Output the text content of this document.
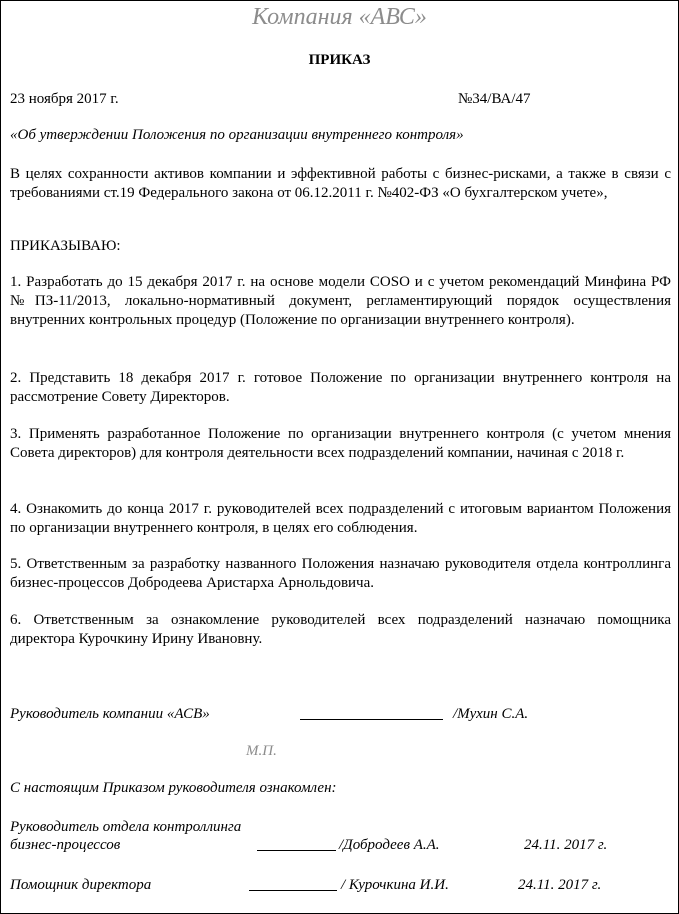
Компания «АВС»
ПРИКАЗ
23 ноября 2017 г.	№34/ВА/47
«Об утверждении Положения по организации внутреннего контроля»
В целях сохранности активов компании и эффективной работы с бизнес-рисками, а также в связи с требованиями ст.19 Федерального закона от 06.12.2011 г. №402-ФЗ «О бухгалтерском учете»,
ПРИКАЗЫВАЮ:
1. Разработать до 15 декабря 2017 г. на основе модели COSO и с учетом рекомендаций Минфина РФ №ПЗ-11/2013, локально-нормативный документ, регламентирующий порядок осуществления внутренних контрольных процедур (Положение по организации внутреннего контроля).
2. Представить 18 декабря 2017 г. готовое Положение по организации внутреннего контроля на рассмотрение Совету Директоров.
3. Применять разработанное Положение по организации внутреннего контроля (с учетом мнения Совета директоров) для контроля деятельности всех подразделений компании, начиная с 2018 г.
4. Ознакомить до конца 2017 г. руководителей всех подразделений с итоговым вариантом Положения по организации внутреннего контроля, в целях его соблюдения.
5. Ответственным за разработку названного Положения назначаю руководителя отдела контроллинга бизнес-процессов Добродеева Аристарха Арнольдовича.
6. Ответственным за ознакомление руководителей всех подразделений назначаю помощника директора Курочкину Ирину Ивановну.
Руководитель компании «АСВ»	/Мухин С.А.
М.П.
С настоящим Приказом руководителя ознакомлен:
Руководитель отдела контроллинга
бизнес-процессов	/Добродеев А.А.	24.11. 2017 г.
Помощник директора	/ Курочкина И.И.	24.11. 2017 г.
